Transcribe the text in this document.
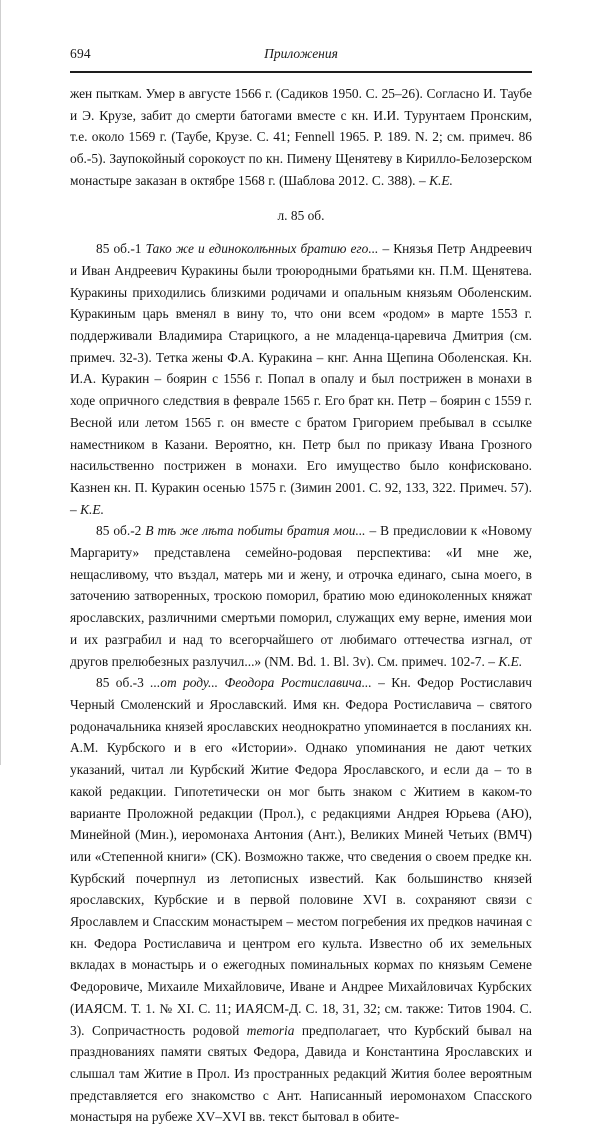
694	Приложения

жен пыткам. Умер в августе 1566 г. (Садиков 1950. С. 25–26). Согласно И. Таубе и Э. Крузе, забит до смерти батогами вместе с кн. И.И. Турунтаем Пронским, т.е. около 1569 г. (Таубе, Крузе. С. 41; Fennell 1965. P. 189. N. 2; см. примеч. 86 об.-5). Заупокойный сорокоуст по кн. Пимену Щенятеву в Кирилло-Белозерском монастыре заказан в октябре 1568 г. (Шаблова 2012. С. 388). – К.Е.

л. 85 об.

85 об.-1 Тако же и единоколѣнных братию его... – Князья Петр Андреевич и Иван Андреевич Куракины были троюродными братьями кн. П.М. Щенятева. Куракины приходились близкими родичами и опальным князьям Оболенским. Куракиным царь вменял в вину то, что они всем «родом» в марте 1553 г. поддерживали Владимира Старицкого, а не младенца-царевича Дмитрия (см. примеч. 32-3). Тетка жены Ф.А. Куракина – кнг. Анна Щепина Оболенская. Кн. И.А. Куракин – боярин с 1556 г. Попал в опалу и был пострижен в монахи в ходе опричного следствия в феврале 1565 г. Его брат кн. Петр – боярин с 1559 г. Весной или летом 1565 г. он вместе с братом Григорием пребывал в ссылке наместником в Казани. Вероятно, кн. Петр был по приказу Ивана Грозного насильственно пострижен в монахи. Его имущество было конфисковано. Казнен кн. П. Куракин осенью 1575 г. (Зимин 2001. С. 92, 133, 322. Примеч. 57). – К.Е.

85 об.-2 В тѣ же лѣта побиты братия мои... – В предисловии к «Новому Маргариту» представлена семейно-родовая перспектива: «И мне же, нещасливому, что въздал, матерь ми и жену, и отрочка единаго, сына моего, в заточению затворенных, троскою поморил, братию мою единоколенных княжат ярославских, различними смертьми поморил, служащих ему верне, имения мои и их разграбил и над то всегорчайшего от любимаго оттечества изгнал, от другов прелюбезных разлучил...» (NM. Bd. 1. Bl. 3v). См. примеч. 102-7. – К.Е.

85 об.-3 ...от роду... Феодора Ростиславича... – Кн. Федор Ростиславич Черный Смоленский и Ярославский. Имя кн. Федора Ростиславича – святого родоначальника князей ярославских неоднократно упоминается в посланиях кн. А.М. Курбского и в его «Истории». Однако упоминания не дают четких указаний, читал ли Курбский Житие Федора Ярославского, и если да – то в какой редакции. Гипотетически он мог быть знаком с Житием в каком-то варианте Проложной редакции (Прол.), с редакциями Андрея Юрьева (АЮ), Минейной (Мин.), иеромонаха Антония (Ант.), Великих Миней Четьих (ВМЧ) или «Степенной книги» (СК). Возможно также, что сведения о своем предке кн. Курбский почерпнул из летописных известий. Как большинство князей ярославских, Курбские и в первой половине XVI в. сохраняют связи с Ярославлем и Спасским монастырем – местом погребения их предков начиная с кн. Федора Ростиславича и центром его культа. Известно об их земельных вкладах в монастырь и о ежегодных поминальных кормах по князьям Семене Федоровиче, Михаиле Михайловиче, Иване и Андрее Михайловичах Курбских (ИАЯСМ. Т. 1. № XI. С. 11; ИАЯСМ-Д. С. 18, 31, 32; см. также: Титов 1904. С. 3). Сопричастность родовой memoria предполагает, что Курбский бывал на празднованиях памяти святых Федора, Давида и Константина Ярославских и слышал там Житие в Прол. Из пространных редакций Жития более вероятным представляется его знакомство с Ант. Написанный иеромонахом Спасского монастыря на рубеже XV–XVI вв. текст бытовал в обите-
